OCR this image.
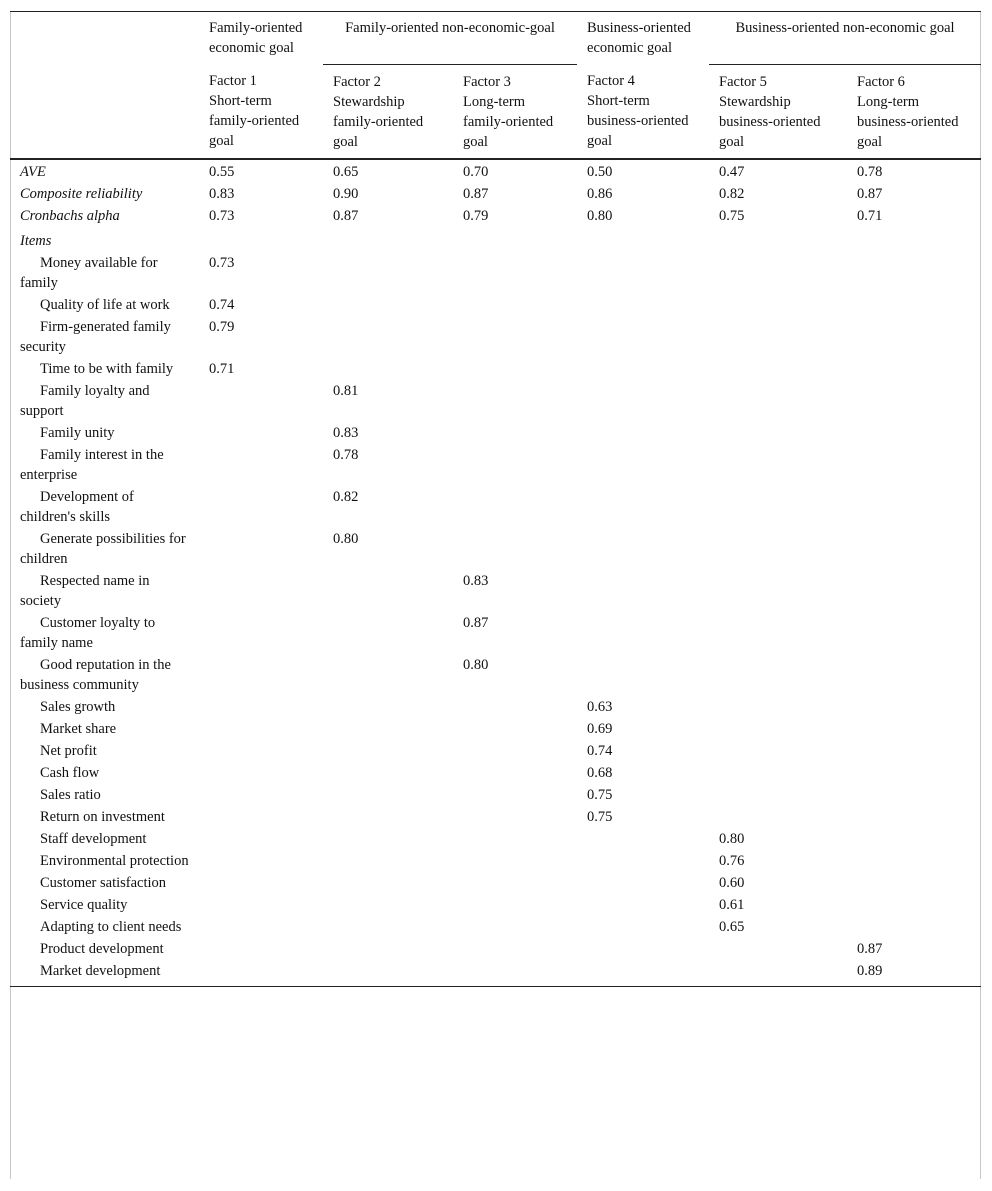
	Family-oriented
economic goal	Family-oriented non-economic-goal		Business-oriented
economic goal	Business-oriented non-economic goal	

	Factor 1
Short-term
family-oriented
goal	Factor 2
Stewardship
family-oriented
goal	Factor 3
Long-term
family-oriented
goal	Factor 4
Short-term
business-oriented
goal	Factor 5
Stewardship
business-oriented
goal	Factor 6
Long-term
business-oriented
goal

AVE	0.55	0.65	0.70	0.50	0.47	0.78
Composite reliability	0.83	0.90	0.87	0.86	0.82	0.87
Cronbachs alpha	0.73	0.87	0.79	0.80	0.75	0.71
Items						
Money available for family	0.73					
Quality of life at work	0.74					
Firm-generated family security	0.79					
Time to be with family	0.71					
Family loyalty and support		0.81				
Family unity		0.83				
Family interest in the enterprise		0.78				
Development of children's skills		0.82				
Generate possibilities for children		0.80				
Respected name in society			0.83			
Customer loyalty to family name			0.87			
Good reputation in the business community			0.80			
Sales growth				0.63		
Market share				0.69		
Net profit				0.74		
Cash flow				0.68		
Sales ratio				0.75		
Return on investment				0.75		
Staff development					0.80	
Environmental protection					0.76	
Customer satisfaction					0.60	
Service quality					0.61	
Adapting to client needs					0.65	
Product development						0.87
Market development						0.89
